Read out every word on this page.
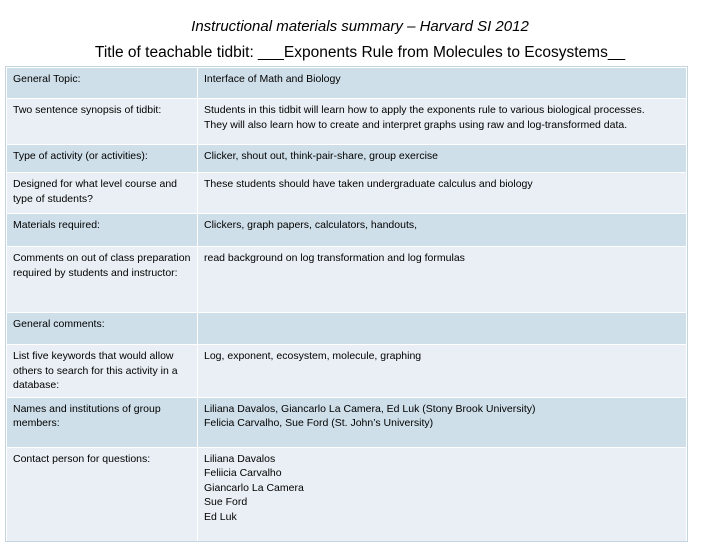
Instructional materials summary – Harvard SI 2012
Title of teachable tidbit: ___Exponents Rule from Molecules to Ecosystems__
General Topic:	Interface of Math and Biology

Two sentence synopsis of tidbit:	Students in this tidbit will learn how to apply the exponents rule to various biological processes.
They will also learn how to create and interpret graphs using raw and log-transformed data.

Type of activity (or activities):	Clicker, shout out, think-pair-share, group exercise

Designed for what level course and type of students?	These students should have taken undergraduate calculus and biology

Materials required:	Clickers, graph papers, calculators, handouts,

Comments on out of class preparation required by students and instructor:	read background on log transformation and log formulas

General comments:	
List five keywords that would allow others to search for this activity in a database:	Log, exponent, ecosystem, molecule, graphing

Names and institutions of group members:	Liliana Davalos, Giancarlo La Camera, Ed Luk (Stony Brook University)
Felicia Carvalho, Sue Ford (St. John’s University)

Contact person for questions:	Liliana Davalos
Feliicia Carvalho
Giancarlo La Camera
Sue Ford
Ed Luk
